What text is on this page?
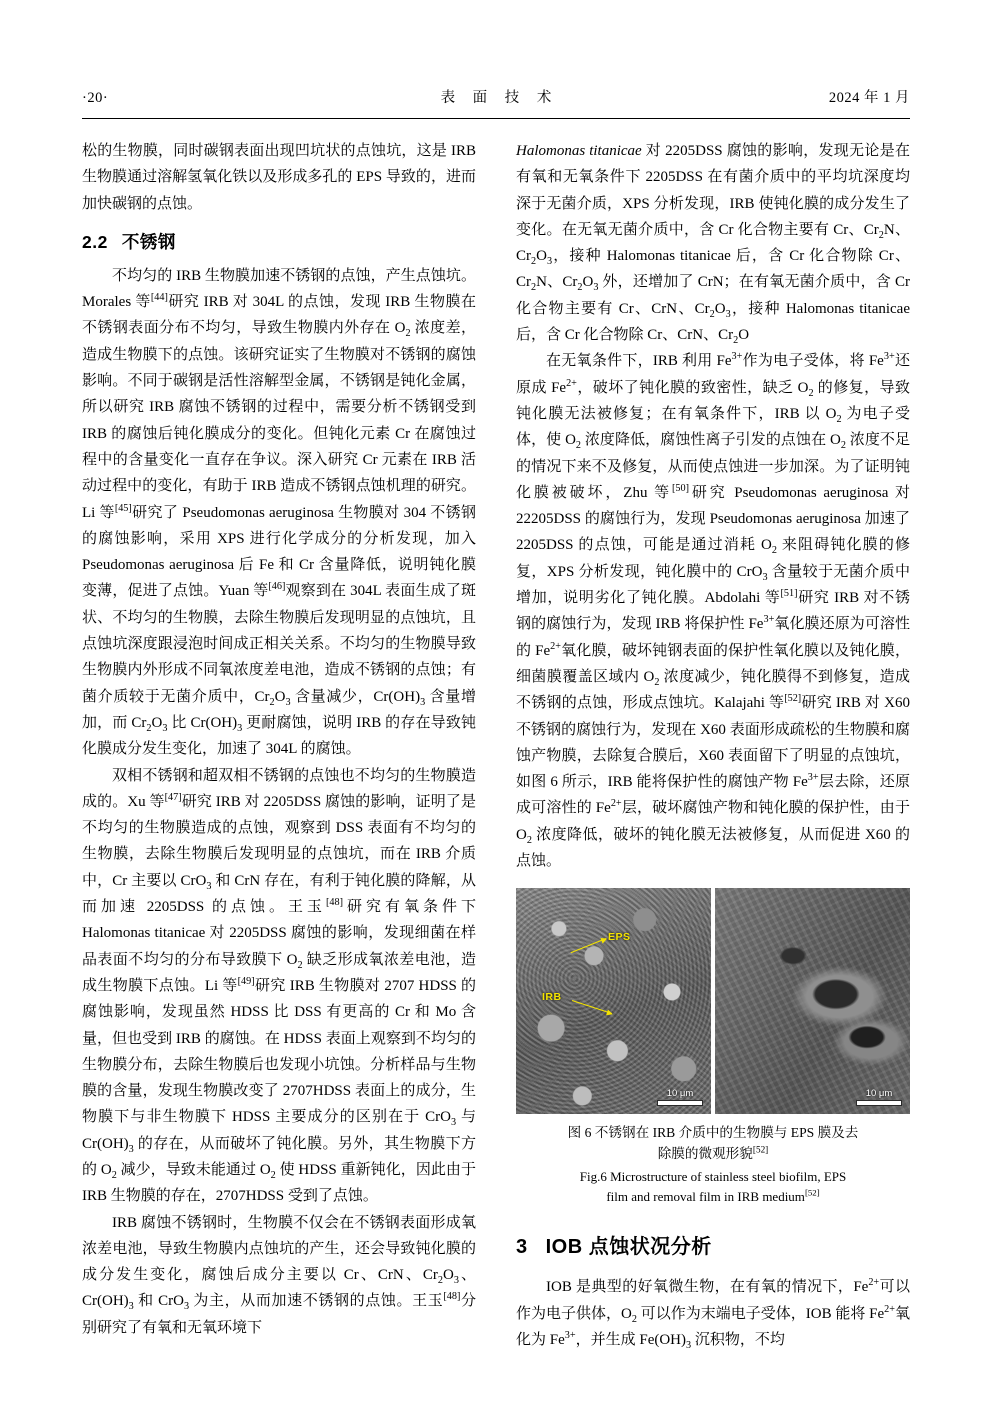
·20·	表 面 技 术	2024 年 1 月

松的生物膜，同时碳钢表面出现凹坑状的点蚀坑，这是 IRB 生物膜通过溶解氢氧化铁以及形成多孔的 EPS 导致的，进而加快碳钢的点蚀。

2.2 不锈钢

不均匀的 IRB 生物膜加速不锈钢的点蚀，产生点蚀坑。Morales 等[44]研究 IRB 对 304L 的点蚀，发现 IRB 生物膜在不锈钢表面分布不均匀，导致生物膜内外存在 $O_2$ 浓度差，造成生物膜下的点蚀。该研究证实了生物膜对不锈钢的腐蚀影响。不同于碳钢是活性溶解型金属，不锈钢是钝化金属，所以研究 IRB 腐蚀不锈钢的过程中，需要分析不锈钢受到 IRB 的腐蚀后钝化膜成分的变化。但钝化元素 Cr 在腐蚀过程中的含量变化一直存在争议。深入研究 Cr 元素在 IRB 活动过程中的变化，有助于 IRB 造成不锈钢点蚀机理的研究。Li 等[45]研究了 Pseudomonas aeruginosa 生物膜对 304 不锈钢的腐蚀影响，采用 XPS 进行化学成分的分析发现，加入 Pseudomonas aeruginosa 后 Fe 和 Cr 含量降低，说明钝化膜变薄，促进了点蚀。Yuan 等[46]观察到在 304L 表面生成了斑状、不均匀的生物膜，去除生物膜后发现明显的点蚀坑，且点蚀坑深度跟浸泡时间成正相关关系。不均匀的生物膜导致生物膜内外形成不同氧浓度差电池，造成不锈钢的点蚀；有菌介质较于无菌介质中，$Cr_2O_3$ 含量减少，$Cr(OH)_3$ 含量增加，而 $Cr_2O_3$ 比 $Cr(OH)_3$ 更耐腐蚀，说明 IRB 的存在导致钝化膜成分发生变化，加速了 304L 的腐蚀。

双相不锈钢和超双相不锈钢的点蚀也不均匀的生物膜造成的。Xu 等[47]研究 IRB 对 2205DSS 腐蚀的影响，证明了是不均匀的生物膜造成的点蚀，观察到 DSS 表面有不均匀的生物膜，去除生物膜后发现明显的点蚀坑，而在 IRB 介质中，Cr 主要以 CrO$_3$ 和 CrN 存在，有利于钝化膜的降解，从而加速 2205DSS 的点蚀。王玉[48]研究有氧条件下 Halomonas titanicae 对 2205DSS 腐蚀的影响，发现细菌在样品表面不均匀的分布导致膜下 $O_2$ 缺乏形成氧浓差电池，造成生物膜下点蚀。Li 等[49]研究 IRB 生物膜对 2707 HDSS 的腐蚀影响，发现虽然 HDSS 比 DSS 有更高的 Cr 和 Mo 含量，但也受到 IRB 的腐蚀。在 HDSS 表面上观察到不均匀的生物膜分布，去除生物膜后也发现小坑蚀。分析样品与生物膜的含量，发现生物膜改变了 2707HDSS 表面上的成分，生物膜下与非生物膜下 HDSS 主要成分的区别在于 CrO$_3$ 与 $Cr(OH)_3$ 的存在，从而破坏了钝化膜。另外，其生物膜下方的 $O_2$ 减少，导致未能通过 $O_2$ 使 HDSS 重新钝化，因此由于 IRB 生物膜的存在，2707HDSS 受到了点蚀。

IRB 腐蚀不锈钢时，生物膜不仅会在不锈钢表面形成氧浓差电池，导致生物膜内点蚀坑的产生，还会导致钝化膜的成分发生变化，腐蚀后成分主要以 Cr、CrN、$Cr_2O_3$、$Cr(OH)_3$ 和 CrO$_3$ 为主，从而加速不锈钢的点蚀。王玉[48]分别研究了有氧和无氧环境下

Halomonas titanicae 对 2205DSS 腐蚀的影响，发现无论是在有氧和无氧条件下 2205DSS 在有菌介质中的平均坑深度均深于无菌介质，XPS 分析发现，IRB 使钝化膜的成分发生了变化。在无氧无菌介质中，含 Cr 化合物主要有 Cr、$Cr_2N$、$Cr_2O_3$，接种 Halomonas titanicae 后，含 Cr 化合物除 Cr、$Cr_2N$、$Cr_2O_3$ 外，还增加了 CrN；在有氧无菌介质中，含 Cr 化合物主要有 Cr、CrN、$Cr_2O_3$，接种 Halomonas titanicae 后，含 Cr 化合物除 Cr、CrN、$Cr_2O$

在无氧条件下，IRB 利用 $Fe^{3+}$作为电子受体，将 $Fe^{3+}$还原成 $Fe^{2+}$，破坏了钝化膜的致密性，缺乏 $O_2$ 的修复，导致钝化膜无法被修复；在有氧条件下，IRB 以 $O_2$ 为电子受体，使 $O_2$ 浓度降低，腐蚀性离子引发的点蚀在 $O_2$ 浓度不足的情况下来不及修复，从而使点蚀进一步加深。为了证明钝化膜被破坏，Zhu 等[50]研究 Pseudomonas aeruginosa 对 22205DSS 的腐蚀行为，发现 Pseudomonas aeruginosa 加速了 2205DSS 的点蚀，可能是通过消耗 $O_2$ 来阻碍钝化膜的修复，XPS 分析发现，钝化膜中的 CrO$_3$ 含量较于无菌介质中增加，说明劣化了钝化膜。Abdolahi 等[51]研究 IRB 对不锈钢的腐蚀行为，发现 IRB 将保护性 $Fe^{3+}$氧化膜还原为可溶性的 $Fe^{2+}$氧化膜，破坏钝钢表面的保护性氧化膜以及钝化膜，细菌膜覆盖区域内 $O_2$ 浓度减少，钝化膜得不到修复，造成不锈钢的点蚀，形成点蚀坑。Kalajahi 等[52]研究 IRB 对 X60 不锈钢的腐蚀行为，发现在 X60 表面形成疏松的生物膜和腐蚀产物膜，去除复合膜后，X60 表面留下了明显的点蚀坑，如图 6 所示，IRB 能将保护性的腐蚀产物 $Fe^{3+}$层去除，还原成可溶性的 $Fe^{2+}$层，破坏腐蚀产物和钝化膜的保护性，由于 $O_2$ 浓度降低，破坏的钝化膜无法被修复，从而促进 X60 的点蚀。

EPS
IRB
10 μm	10 μm
图 6 不锈钢在 IRB 介质中的生物膜与 EPS 膜及去
除膜的微观形貌[52]
Fig.6 Microstructure of stainless steel biofilm, EPS
film and removal film in IRB medium[52]
3 IOB 点蚀状况分析

IOB 是典型的好氧微生物，在有氧的情况下，$Fe^{2+}$可以作为电子供体，$O_2$ 可以作为末端电子受体，IOB 能将 $Fe^{2+}$氧化为 $Fe^{3+}$，并生成 $Fe(OH)_3$ 沉积物，不均
